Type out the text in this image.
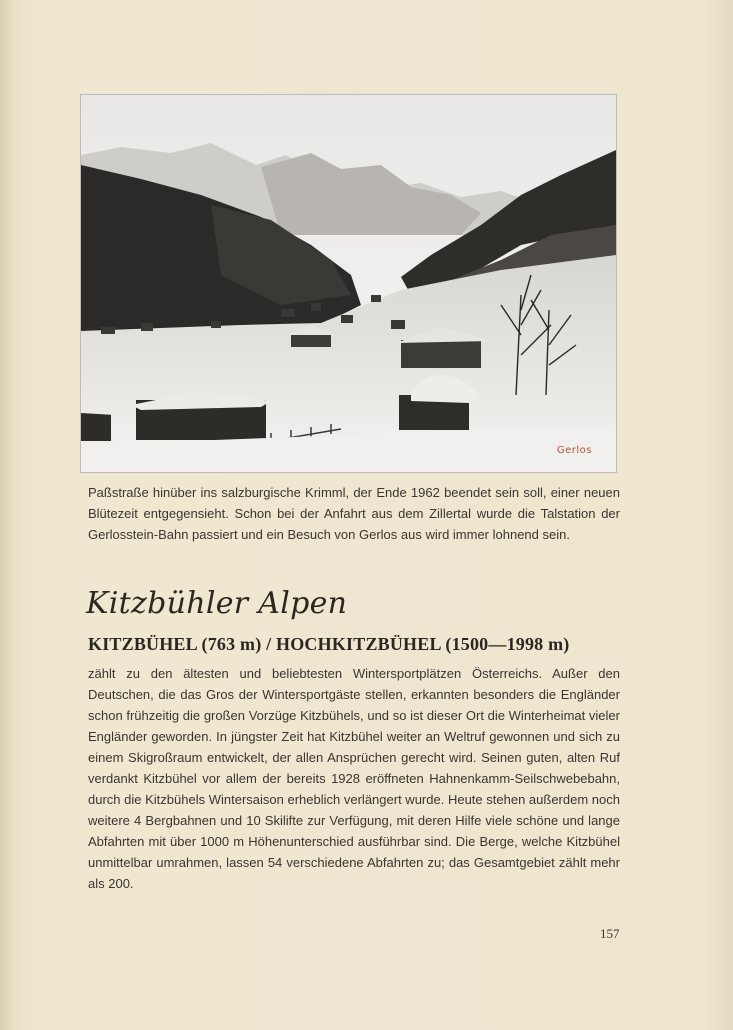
Gerlos

Paßstraße hinüber ins salzburgische Krimml, der Ende 1962 beendet sein soll, einer neuen Blütezeit entgegensieht. Schon bei der Anfahrt aus dem Zillertal wurde die Talstation der Gerlosstein-Bahn passiert und ein Besuch von Gerlos aus wird immer lohnend sein.

Kitzbühler Alpen
KITZBÜHEL (763 m) / HOCHKITZBÜHEL (1500—1998 m)

zählt zu den ältesten und beliebtesten Wintersportplätzen Österreichs. Außer den Deutschen, die das Gros der Wintersportgäste stellen, erkannten besonders die Engländer schon frühzeitig die großen Vorzüge Kitzbühels, und so ist dieser Ort die Winterheimat vieler Engländer geworden. In jüngster Zeit hat Kitzbühel weiter an Weltruf gewonnen und sich zu einem Skigroßraum entwickelt, der allen Ansprüchen gerecht wird. Seinen guten, alten Ruf verdankt Kitzbühel vor allem der bereits 1928 eröffneten Hahnenkamm-Seilschwebebahn, durch die Kitzbühels Wintersaison erheblich verlängert wurde. Heute stehen außerdem noch weitere 4 Bergbahnen und 10 Skilifte zur Verfügung, mit deren Hilfe viele schöne und lange Abfahrten mit über 1000 m Höhenunterschied ausführbar sind. Die Berge, welche Kitzbühel unmittelbar umrahmen, lassen 54 verschiedene Abfahrten zu; das Gesamtgebiet zählt mehr als 200.

157
